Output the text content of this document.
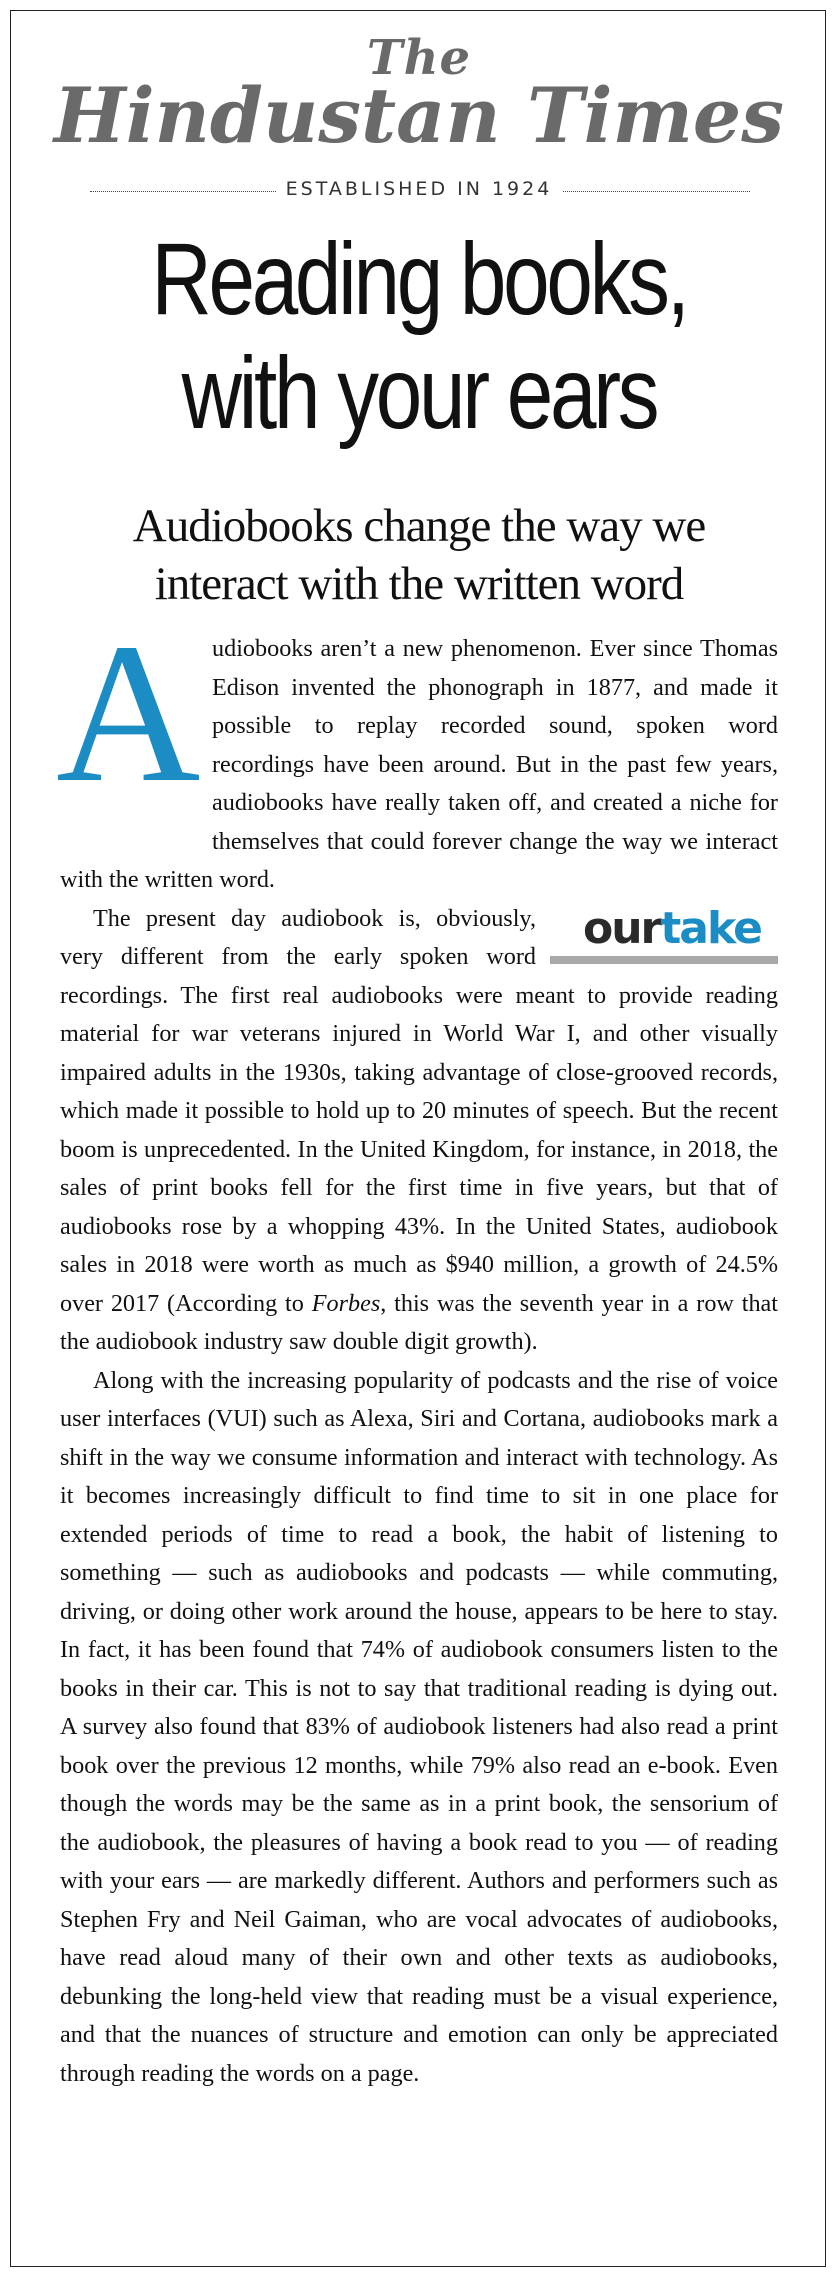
The
Hindustan Times
ESTABLISHED IN 1924
Reading books,
with your ears
Audiobooks change the way we
interact with the written word

Audiobooks aren’t a new phenomenon. Ever since Thomas Edison invented the phonograph in 1877, and made it possible to replay recorded sound, spoken word recordings have been around. But in the past few years, audiobooks have really taken off, and created a niche for themselves that could forever change the way we interact with the written word.

ourtake
The present day audiobook is, obviously, very different from the early spoken word recordings. The first real audiobooks were meant to provide reading material for war veterans injured in World War I, and other visually impaired adults in the 1930s, taking advantage of close-grooved records, which made it possible to hold up to 20 minutes of speech. But the recent boom is unprecedented. In the United Kingdom, for instance, in 2018, the sales of print books fell for the first time in five years, but that of audiobooks rose by a whopping 43%. In the United States, audiobook sales in 2018 were worth as much as $940 million, a growth of 24.5% over 2017 (According to Forbes, this was the seventh year in a row that the audiobook industry saw double digit growth).

Along with the increasing popularity of podcasts and the rise of voice user interfaces (VUI) such as Alexa, Siri and Cortana, audiobooks mark a shift in the way we consume information and interact with technology. As it becomes increasingly difficult to find time to sit in one place for extended periods of time to read a book, the habit of listening to something — such as audiobooks and podcasts — while commuting, driving, or doing other work around the house, appears to be here to stay. In fact, it has been found that 74% of audiobook consumers listen to the books in their car. This is not to say that traditional reading is dying out. A survey also found that 83% of audiobook listeners had also read a print book over the previous 12 months, while 79% also read an e-book. Even though the words may be the same as in a print book, the sensorium of the audiobook, the pleasures of having a book read to you — of reading with your ears — are markedly different. Authors and performers such as Stephen Fry and Neil Gaiman, who are vocal advocates of audiobooks, have read aloud many of their own and other texts as audiobooks, debunking the long-held view that reading must be a visual experience, and that the nuances of structure and emotion can only be appreciated through reading the words on a page.
